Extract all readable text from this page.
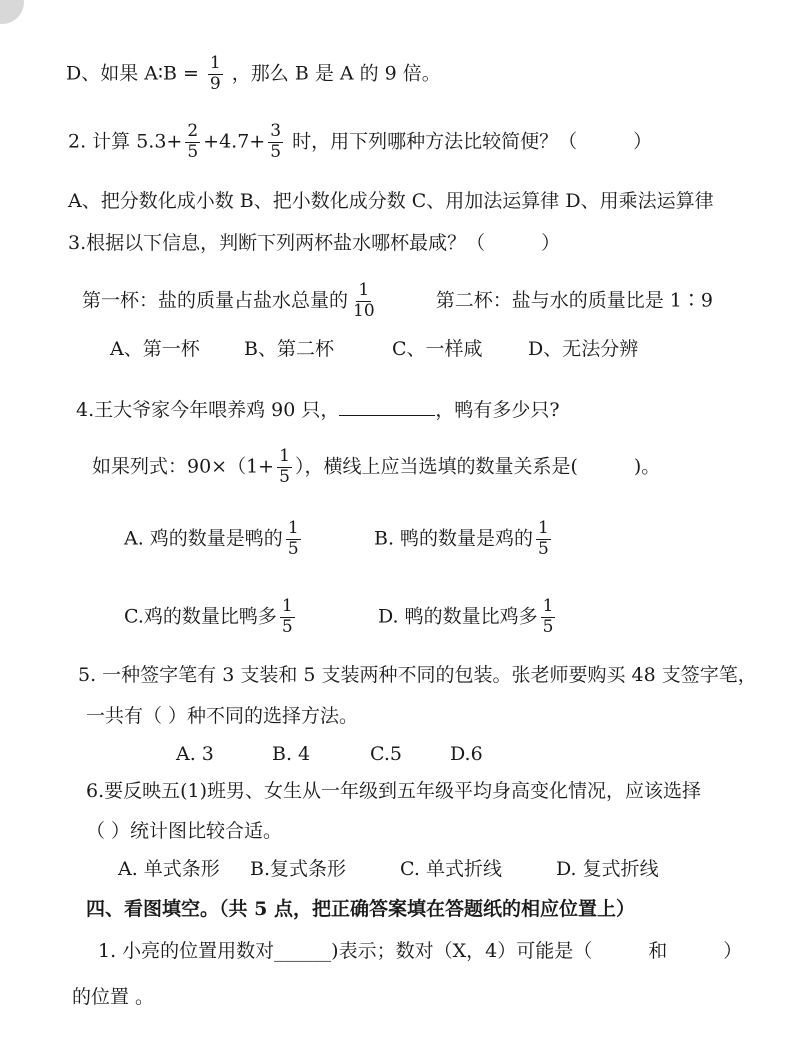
D、如果 A∶B = $\frac{1}{9}$ ，那么 B 是 A 的 9 倍。
2. 计算 $5.3+ \frac{2}{5} +4.7+ \frac{3}{5}$ 时，用下列哪种方法比较简便？（	）
A、把分数化成小数 B、把小数化成分数 C、用加法运算律 D、用乘法运算律
3.根据以下信息，判断下列两杯盐水哪杯最咸？（	）
第一杯：盐的质量占盐水总量的 $\frac{1}{10}$	第二杯：盐与水的质量比是 1∶9
A、第一杯 B、第二杯	C、一样咸 D、无法分辨
4.王大爷家今年喂养鸡 90 只，	，鸭有多少只?
如果列式：$90\times(1+ \frac{1}{5}$ ），横线上应当选填的数量关系是(	)。
A. 鸡的数量是鸭的 $\frac{1}{5}$	B. 鸭的数量是鸡的 $\frac{1}{5}$
C.鸡的数量比鸭多 $\frac{1}{5}$	D. 鸭的数量比鸡多 $\frac{1}{5}$
5. 一种签字笔有 3 支装和 5 支装两种不同的包装。张老师要购买 48 支签字笔，
一共有（ ）种不同的选择方法。
A. 3	B. 4	C.5	D.6
6.要反映五(1)班男、女生从一年级到五年级平均身高变化情况，应该选择
（ ）统计图比较合适。
A. 单式条形 B.复式条形	C. 单式折线	D. 复式折线
四、看图填空。（共 5 点，把正确答案填在答题纸的相应位置上）
1. 小亮的位置用数对______)表示；数对（X，4）可能是（	和	）
的位置 。
